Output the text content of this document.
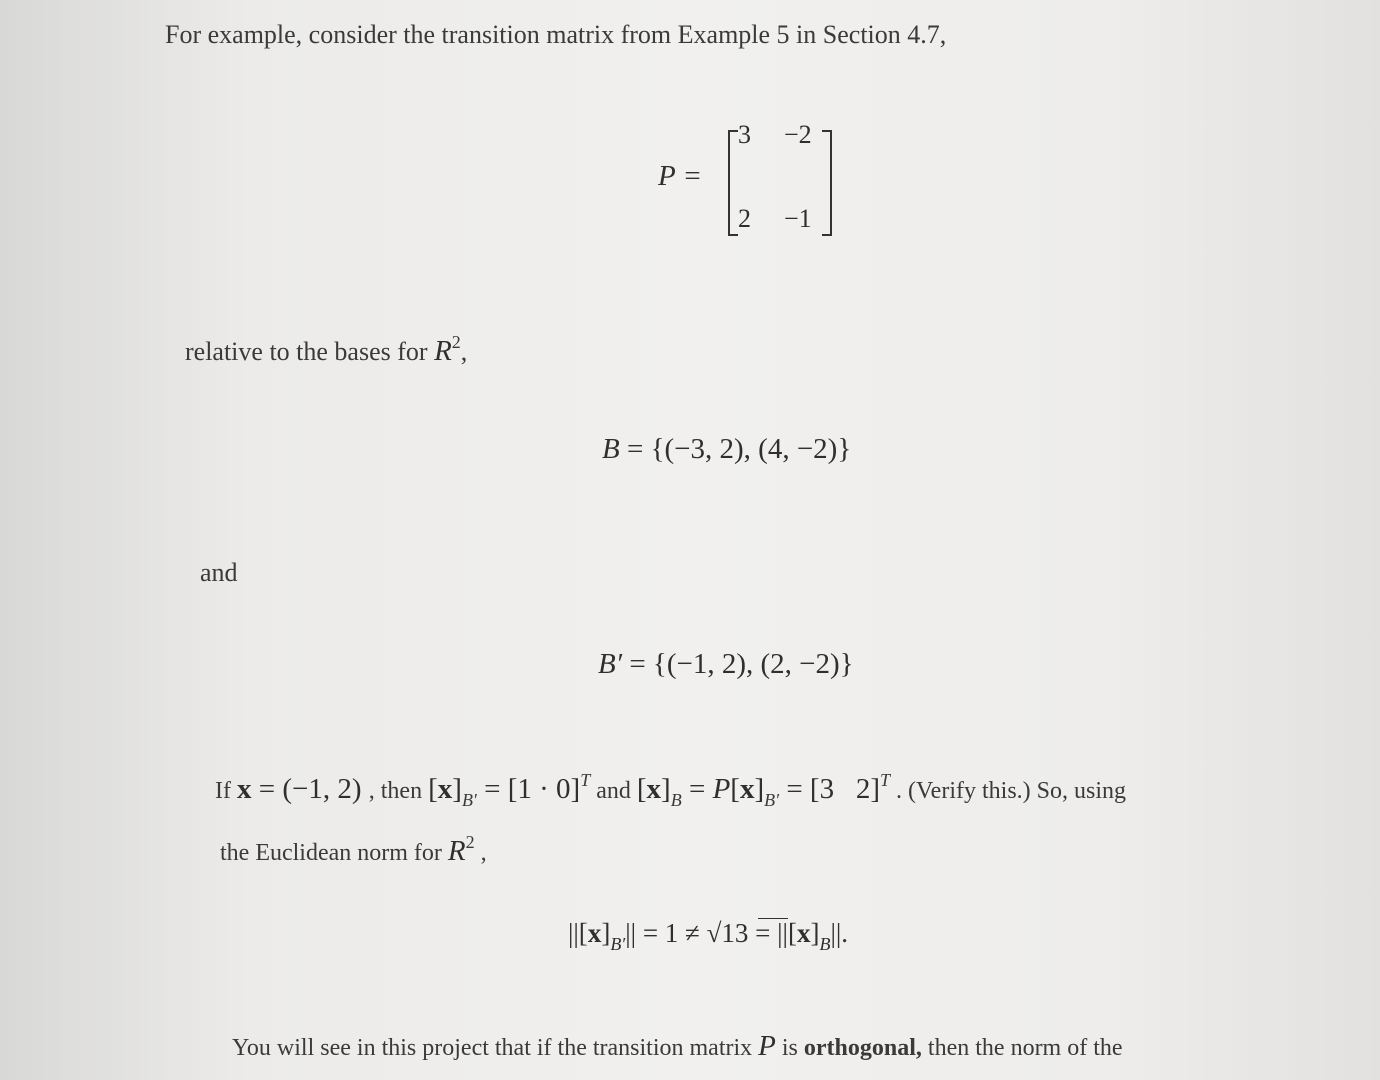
For example, consider the transition matrix from Example 5 in Section 4.7,
P =
3 −2
2 −1
relative to the bases for $R^2$,
B = {(−3, 2), (4, −2)}
and
B′ = {(−1, 2), (2, −2)}
If x = (−1, 2) , then $[x]_{B'} = [1 \cdot 0]^T$ and $[x]_B = P[x]_{B'} = [3$   2]$^T$ . (Verify this.) So, using
the Euclidean norm for $R^2$ ,
$||[x]_{B'}|| = 1 \ne √13 = ||[x]_B||$.
You will see in this project that if the transition matrix P is orthogonal, then the norm of the
